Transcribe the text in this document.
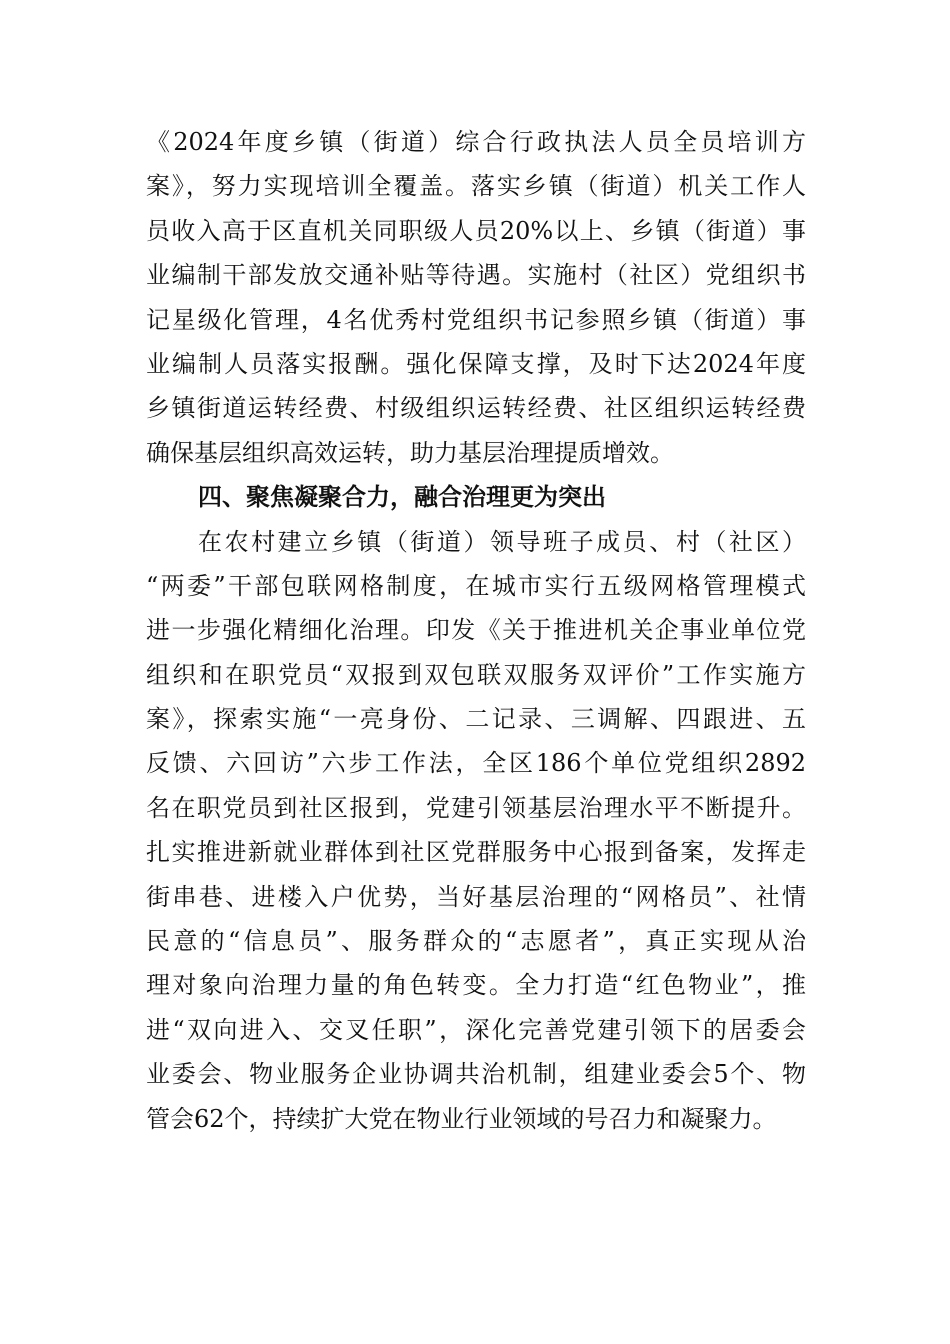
《2024年度乡镇（街道）综合行政执法人员全员培训方
案》，努力实现培训全覆盖。落实乡镇（街道）机关工作人
员收入高于区直机关同职级人员20%以上、乡镇（街道）事
业编制干部发放交通补贴等待遇。实施村（社区）党组织书
记星级化管理，4名优秀村党组织书记参照乡镇（街道）事
业编制人员落实报酬。强化保障支撑，及时下达2024年度
乡镇街道运转经费、村级组织运转经费、社区组织运转经费
确保基层组织高效运转，助力基层治理提质增效。
四、聚焦凝聚合力，融合治理更为突出
在农村建立乡镇（街道）领导班子成员、村（社区）
“两委”干部包联网格制度，在城市实行五级网格管理模式
进一步强化精细化治理。印发《关于推进机关企事业单位党
组织和在职党员“双报到双包联双服务双评价”工作实施方
案》，探索实施“一亮身份、二记录、三调解、四跟进、五
反馈、六回访”六步工作法，全区186个单位党组织2892
名在职党员到社区报到，党建引领基层治理水平不断提升。
扎实推进新就业群体到社区党群服务中心报到备案，发挥走
街串巷、进楼入户优势，当好基层治理的“网格员”、社情
民意的“信息员”、服务群众的“志愿者”，真正实现从治
理对象向治理力量的角色转变。全力打造“红色物业”，推
进“双向进入、交叉任职”，深化完善党建引领下的居委会
业委会、物业服务企业协调共治机制，组建业委会5个、物
管会62个，持续扩大党在物业行业领域的号召力和凝聚力。
